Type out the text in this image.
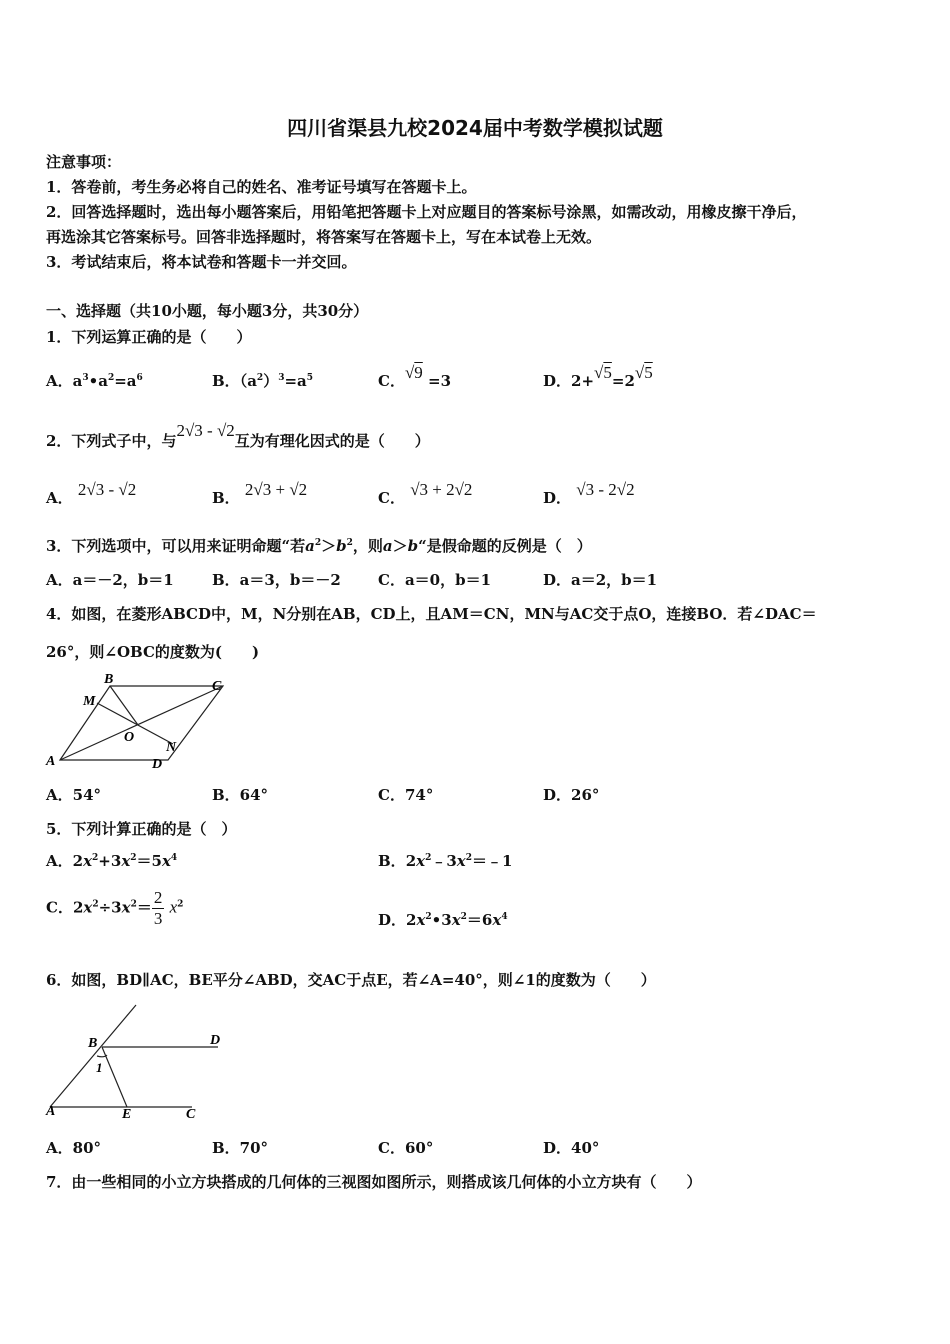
四川省渠县九校2024届中考数学模拟试题
注意事项：
1．答卷前，考生务必将自己的姓名、准考证号填写在答题卡上。
2．回答选择题时，选出每小题答案后，用铅笔把答题卡上对应题目的答案标号涂黑，如需改动，用橡皮擦干净后，
再选涂其它答案标号。回答非选择题时，将答案写在答题卡上，写在本试卷上无效。
3．考试结束后，将本试卷和答题卡一并交回。
一、选择题（共10小题，每小题3分，共30分）
1．下列运算正确的是（　　）
A．$a^3•a^2=a^6$	B．$(a^2)^3=a^5$	C．√9 =3	D．2+√5=2√5
2．下列式子中，与2√3 - √2互为有理化因式的是（　　）
A． 2√3 - √2	B． 2√3 + √2	C． √3 + 2√2	D． √3 - 2√2
3．下列选项中，可以用来证明命题“若$a^2>b^2$，则a＞b“是假命题的反例是（　）
A．a＝－2，b＝1	B．a＝3，b＝－2 C．a＝0，b＝1	D．a＝2，b＝1
4．如图，在菱形ABCD中，M，N分别在AB，CD上，且AM＝CN，MN与AC交于点O，连接BO．若∠DAC＝
26°，则∠OBC的度数为(　　)
B	C
M
O
N
A	D
A．54°	B．64°	C．74°	D．26°
5．下列计算正确的是（　）
A．$2x^2+3x^2=5x^4$	B．$2x^2﹣3x^2=﹣1$
C．$2x^2\div 3x^2= \frac{2}{3} x^2$
D．$2x^2•3x^2=6x^4$
6．如图，BD∥AC，BE平分∠ABD，交AC于点E，若∠A=40°，则∠1的度数为（　　）
B	D
1
A	E	C
A．80°	B．70°	C．60°	D．40°
7．由一些相同的小立方块搭成的几何体的三视图如图所示，则搭成该几何体的小立方块有（　　）
